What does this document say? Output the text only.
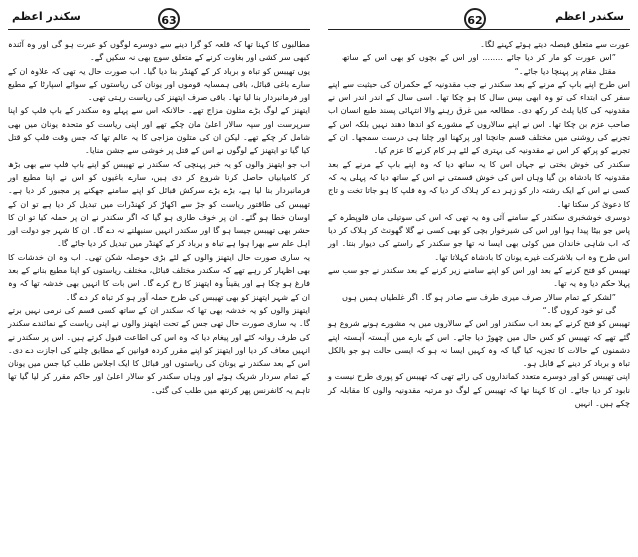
سکندر اعظم	63

مطالبوں کا کہنا تھا کہ قلعہ کو گرا دینے سے دوسرے لوگوں کو عبرت ہو گی اور وہ آئندہ کبھی سر کشی اور بغاوت کرنے کے متعلق سوچ بھی نہ سکیں گے۔

یوں تھیبس کو تباہ و برباد کر کے کھنڈر بنا دیا گیا۔ اب صورت حال یہ تھی کہ علاوہ ان کے سارے باغی قبائل، باقی ہمسایہ قوموں اور یونان کی ریاستوں کے سوائے اسپارٹا کے مطیع اور فرمانبردار بنا لیا تھا۔ باقی صرف ایتھنز کی ریاست رہتی تھی۔

ایتھنز کے لوگ بڑے متلون مزاج تھے۔ حالانکہ اس سے پہلے وہ سکندر کے باپ فلپ کو اپنا سرپرست اور سپہ سالار اعلیٰ مان چکے تھے اور اپنی ریاست کو متحدہ یونان میں بھی شامل کر چکے تھے۔ لیکن ان کی متلون مزاجی کا یہ عالم تھا کہ جس وقت فلپ کو قتل کیا گیا تو ایتھنز کے لوگوں نے اس کے قتل پر خوشی سے جشن منایا۔

اب جو ایتھنز والوں کو یہ خبر پہنچی کہ سکندر نے تھیبس کو اپنے باپ فلپ سے بھی بڑھ کر کامیابیاں حاصل کرنا شروع کر دی ہیں، سارے باغیوں کو اس نے اپنا مطیع اور فرمانبردار بنا لیا ہے، بڑے بڑے سرکش قبائل کو اپنے سامنے جھکنے پر مجبور کر دیا ہے۔ تھیبس کی طاقتور ریاست کو جڑ سے اکھاڑ کر کھنڈرات میں تبدیل کر دیا ہے تو ان کے اوسان خطا ہو گئے۔ ان پر خوف طاری ہو گیا کہ اگر سکندر نے ان پر حملہ کیا تو ان کا حشر بھی تھیبس جیسا ہو گا اور سکندر انہیں سنبھلنے نہ دے گا۔ ان کا شہر جو دولت اور اہل علم سے بھرا ہوا ہے تباہ و برباد کر کے کھنڈر میں تبدیل کر دیا جائے گا۔

یہ ساری صورت حال ایتھنز والوں کے لئے بڑی حوصلہ شکن تھی۔ اب وہ ان خدشات کا بھی اظہار کر رہے تھے کہ سکندر مختلف قبائل، مختلف ریاستوں کو اپنا مطیع بنانے کے بعد فارغ ہو چکا ہے اور یقیناً وہ ایتھنز کا رخ کرے گا۔ اس بات کا انہیں بھی خدشہ تھا کہ وہ ان کے شہر ایتھنز کو بھی تھیبس کی طرح حملہ آور ہو کر تباہ کر دے گا۔

ایتھنز والوں کو یہ خدشہ بھی تھا کہ سکندر ان کے ساتھ کسی قسم کی نرمی نہیں برتے گا۔ یہ ساری صورت حال تھی جس کے تحت ایتھنز والوں نے اپنی ریاست کے نمائندے سکندر کی طرف روانہ کئے اور پیغام دیا کہ وہ اس کی اطاعت قبول کرتے ہیں۔ اس پر سکندر نے انہیں معاف کر دیا اور ایتھنز کو اپنے مقرر کردہ قوانین کے مطابق چلنے کی اجازت دے دی۔ اس کے بعد سکندر نے یونان کی ریاستوں اور قبائل کا ایک اجلاس طلب کیا جس میں یونان کے تمام سردار شریک ہوئے اور وہاں سکندر کو سالار اعلیٰ اور حاکم مقرر کر لیا گیا تھا تاہم یہ کانفرنس پھر کرنتھ میں طلب کی گئی۔

62	سکندر اعظم

عورت سے متعلق فیصلہ دیتے ہوئے کہنے لگا۔

”اس عورت کو مار کر دیا جائے ........ اور اس کے بچوں کو بھی اس کے ساتھ مقتل مقام پر پہنچا دیا جائے۔“

اس طرح اپنے باپ کے مرنے کے بعد سکندر نے جب مقدونیہ کے حکمران کی حیثیت سے اپنے سفر کی ابتداء کی تو وہ ابھی بیس سال کا ہو چکا تھا۔ اسی سال کے اندر اندر اس نے مقدونیہ کی کایا پلٹ کر رکھ دی۔ مطالعہ میں غرق رہنے والا انتہائی پسند طبع انسان اب صاحب عزم بن چکا تھا۔ اس نے اپنے سالاروں کے مشورے کو اندھا دھند نہیں بلکہ اس کے تجربے کی روشنی میں مختلف قسم جانچنا اور پرکھنا اور چلنا ہی درست سمجھا۔ ان کے تجربے کو پرکھ کر اس نے مقدونیہ کی بہتری کے لئے ہر کام کرنے کا عزم کیا۔

سکندر کی خوش بختی نے جہاں اس کا یہ ساتھ دیا کہ وہ اپنے باپ کے مرنے کے بعد مقدونیہ کا بادشاہ بن گیا وہاں اس کی خوش قسمتی نے اس کے ساتھ دیا کہ پہلی یہ کہ کسی نے اس کے ایک رشتہ دار کو زہر دے کر ہلاک کر دیا کہ وہ فلپ کا ہو جاتا تخت و تاج کا دعویٰ کر سکتا تھا۔

دوسری خوشخبری سکندر کے سامنے آئی وہ یہ تھی کہ اس کی سوتیلی ماں قلوپطرہ کے پاس جو بیٹا پیدا ہوا اور اس کی شیرخوار بچی کو بھی کسی نے گلا گھونٹ کر ہلاک کر دیا کہ اب شاہی خاندان میں کوئی بھی ایسا نہ تھا جو سکندر کے راستے کی دیوار بنتا۔ اور اس طرح وہ اب بلاشرکت غیرے یونان کا بادشاہ کہلاتا تھا۔

تھیبس کو فتح کرنے کے بعد اور اس کو اپنے سامنے زیر کرنے کے بعد سکندر نے جو سب سے پہلا حکم دیا وہ یہ تھا۔

”لشکر کے تمام سالار صرف میری طرف سے صادر ہو گا۔ اگر غلطیاں ہمیں ہوں گی تو خود کروں گا۔“

تھیبس کو فتح کرنے کے بعد اب سکندر اور اس کے سالاروں میں یہ مشورے ہونے شروع ہو گئے تھے کہ تھیبس کو کس حال میں چھوڑ دیا جائے۔ اس کے بارے میں آہستہ آہستہ اپنے دشمنوں کے حالات کا تجزیہ کیا گیا کہ وہ کہیں ایسا نہ ہو کہ ایسی حالت ہو جو بالکل تباہ و برباد کر دینے کے قابل ہو۔

اپنی تھیبس کو اور دوسرے متعدد کمانداروں کی رائے تھی کہ تھیبس کو پوری طرح نیست و نابود کر دیا جائے۔ ان کا کہنا تھا کہ تھیبس کے لوگ دو مرتبہ مقدونیہ والوں کا مقابلہ کر چکے ہیں۔ انہیں
